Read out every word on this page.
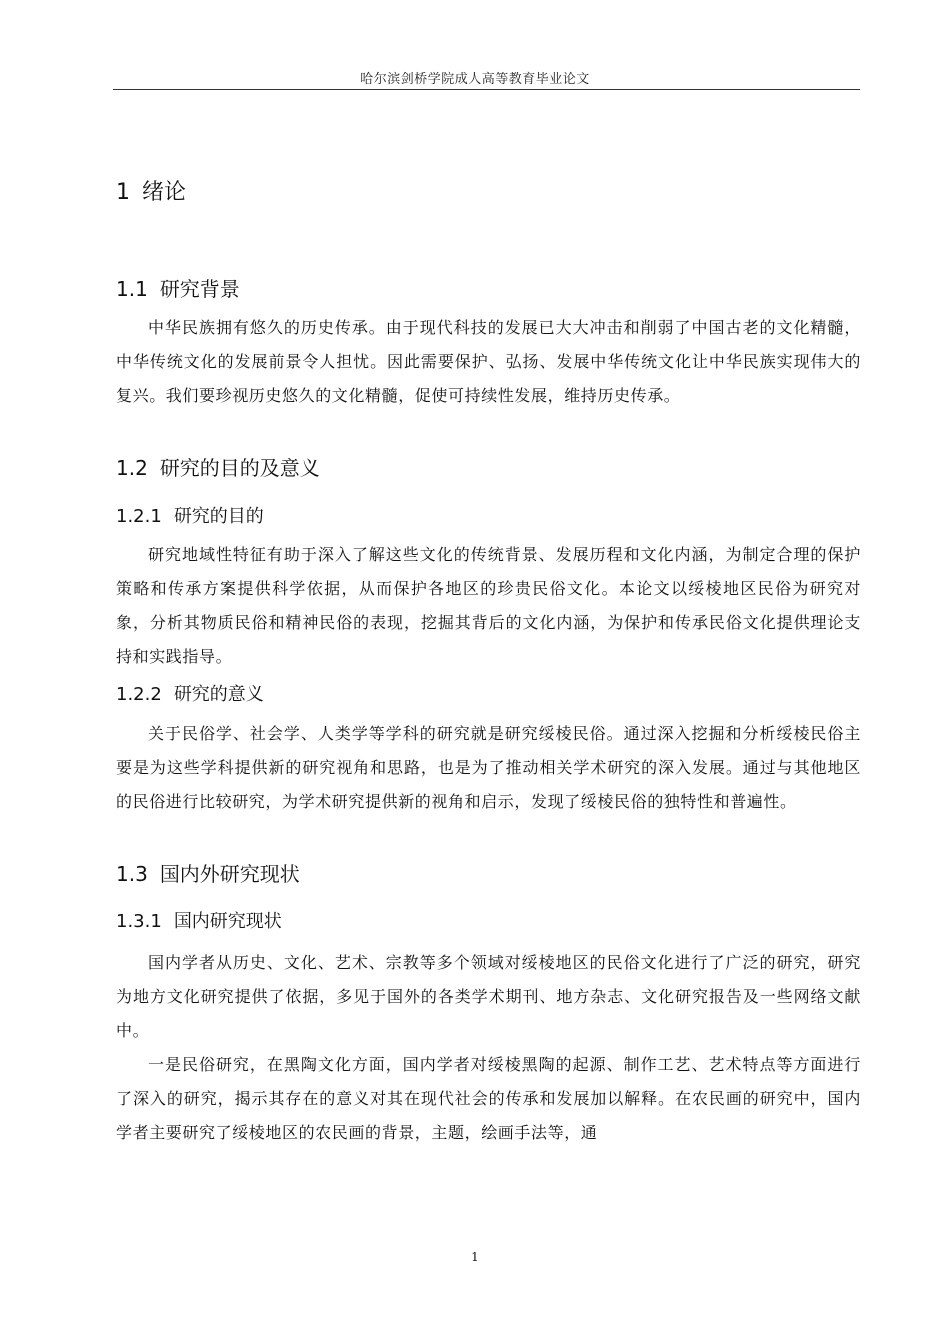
哈尔滨剑桥学院成人高等教育毕业论文
1 绪论
1.1 研究背景
中华民族拥有悠久的历史传承。由于现代科技的发展已大大冲击和削弱了中国古老的文化精髓，中华传统文化的发展前景令人担忧。因此需要保护、弘扬、发展中华传统文化让中华民族实现伟大的复兴。我们要珍视历史悠久的文化精髓，促使可持续性发展，维持历史传承。
1.2 研究的目的及意义
1.2.1 研究的目的
研究地域性特征有助于深入了解这些文化的传统背景、发展历程和文化内涵，为制定合理的保护策略和传承方案提供科学依据，从而保护各地区的珍贵民俗文化。本论文以绥棱地区民俗为研究对象，分析其物质民俗和精神民俗的表现，挖掘其背后的文化内涵，为保护和传承民俗文化提供理论支持和实践指导。
1.2.2 研究的意义
关于民俗学、社会学、人类学等学科的研究就是研究绥棱民俗。通过深入挖掘和分析绥棱民俗主要是为这些学科提供新的研究视角和思路，也是为了推动相关学术研究的深入发展。通过与其他地区的民俗进行比较研究，为学术研究提供新的视角和启示，发现了绥棱民俗的独特性和普遍性。
1.3 国内外研究现状
1.3.1 国内研究现状
国内学者从历史、文化、艺术、宗教等多个领域对绥棱地区的民俗文化进行了广泛的研究，研究为地方文化研究提供了依据，多见于国外的各类学术期刊、地方杂志、文化研究报告及一些网络文献中。
一是民俗研究，在黑陶文化方面，国内学者对绥棱黑陶的起源、制作工艺、艺术特点等方面进行了深入的研究，揭示其存在的意义对其在现代社会的传承和发展加以解释。在农民画的研究中，国内学者主要研究了绥棱地区的农民画的背景，主题，绘画手法等，通
1
